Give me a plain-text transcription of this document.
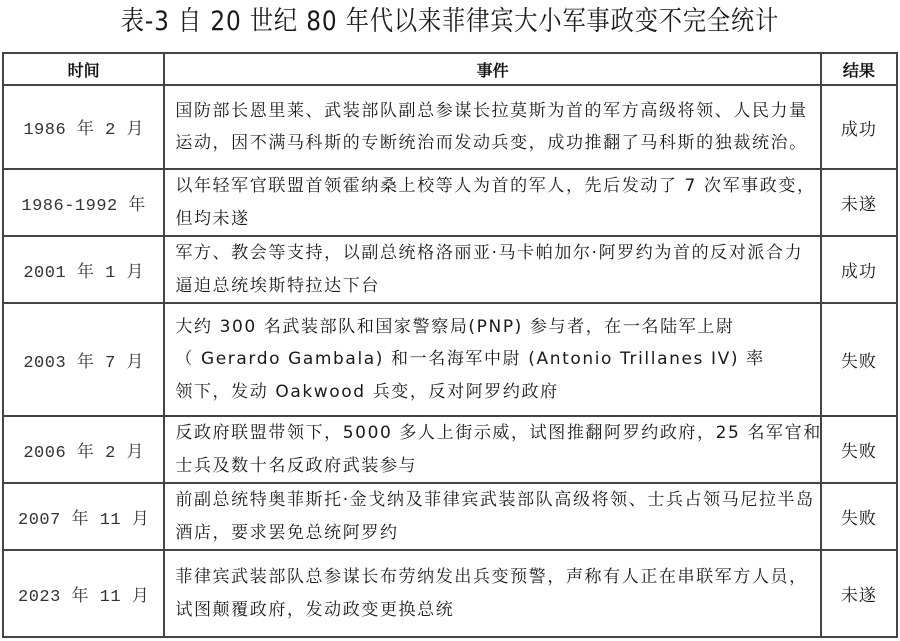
表-3 自 20 世纪 80 年代以来菲律宾大小军事政变不完全统计
时间	事件	结果
1986 年 2 月	国防部长恩里莱、武装部队副总参谋长拉莫斯为首的军方高级将领、人民力量
运动，因不满马科斯的专断统治而发动兵变，成功推翻了马科斯的独裁统治。	成功
1986-1992 年	以年轻军官联盟首领霍纳桑上校等人为首的军人，先后发动了 7 次军事政变，
但均未遂	未遂
2001 年 1 月	军方、教会等支持，以副总统格洛丽亚·马卡帕加尔·阿罗约为首的反对派合力
逼迫总统埃斯特拉达下台	成功
2003 年 7 月	大约 300 名武装部队和国家警察局(PNP) 参与者，在一名陆军上尉
（ Gerardo Gambala) 和一名海军中尉 (Antonio Trillanes IV) 率
领下，发动 Oakwood 兵变，反对阿罗约政府	失败
2006 年 2 月	反政府联盟带领下，5000 多人上街示威，试图推翻阿罗约政府，25 名军官和
士兵及数十名反政府武装参与	失败
2007 年 11 月	前副总统特奥菲斯托·金戈纳及菲律宾武装部队高级将领、士兵占领马尼拉半岛
酒店，要求罢免总统阿罗约	失败
2023 年 11 月	菲律宾武装部队总参谋长布劳纳发出兵变预警，声称有人正在串联军方人员，
试图颠覆政府，发动政变更换总统	未遂
